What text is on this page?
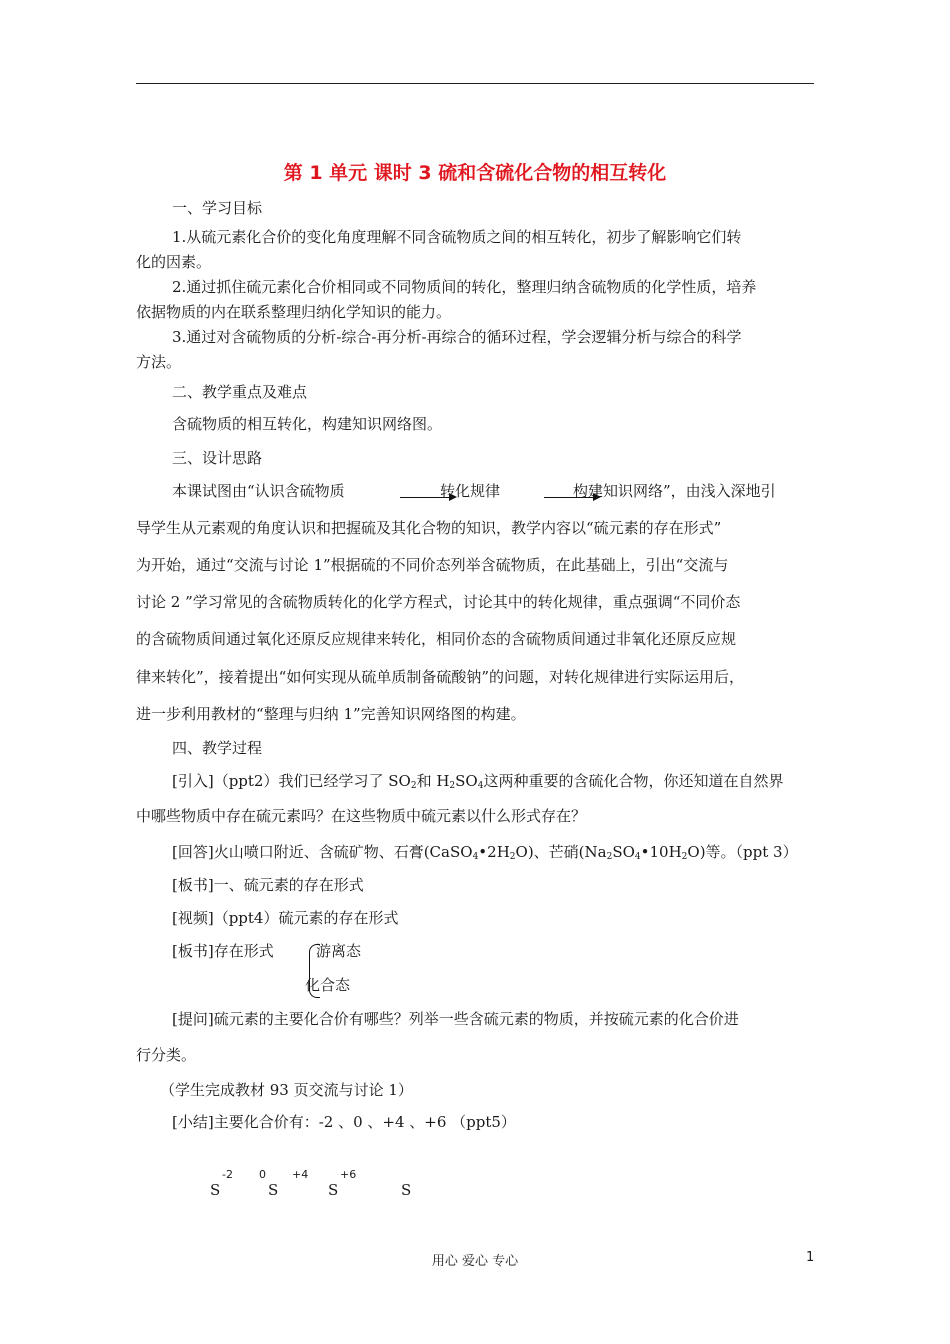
第 1 单元 课时 3 硫和含硫化合物的相互转化
一、学习目标
1.从硫元素化合价的变化角度理解不同含硫物质之间的相互转化，初步了解影响它们转
化的因素。
2.通过抓住硫元素化合价相同或不同物质间的转化，整理归纳含硫物质的化学性质，培养
依据物质的内在联系整理归纳化学知识的能力。
3.通过对含硫物质的分析-综合-再分析-再综合的循环过程，学会逻辑分析与综合的科学
方法。
二、教学重点及难点
含硫物质的相互转化，构建知识网络图。
三、设计思路
本课试图由“认识含硫物质	转化规律	构建知识网络”，由浅入深地引
导学生从元素观的角度认识和把握硫及其化合物的知识，教学内容以“硫元素的存在形式”
为开始，通过“交流与讨论 1”根据硫的不同价态列举含硫物质，在此基础上，引出“交流与
讨论 2 ”学习常见的含硫物质转化的化学方程式，讨论其中的转化规律，重点强调“不同价态
的含硫物质间通过氧化还原反应规律来转化，相同价态的含硫物质间通过非氧化还原反应规
律来转化”，接着提出“如何实现从硫单质制备硫酸钠”的问题，对转化规律进行实际运用后，
进一步利用教材的“整理与归纳 1”完善知识网络图的构建。
四、教学过程
[引入]（ppt2）我们已经学习了 $SO_2$和 $H_2SO_4$这两种重要的含硫化合物，你还知道在自然界
中哪些物质中存在硫元素吗？在这些物质中硫元素以什么形式存在？
[回答]火山喷口附近、含硫矿物、石膏$(CaSO_4•2H_2O)$、芒硝$(Na_2SO_4•10H_2O)$等。（ppt 3）
[板书]一、硫元素的存在形式
[视频]（ppt4）硫元素的存在形式
[板书]存在形式	游离态
化合态
[提问]硫元素的主要化合价有哪些？列举一些含硫元素的物质，并按硫元素的化合价进
行分类。
（学生完成教材 93 页交流与讨论 1）
[小结]主要化合价有：-2 、0 、+4 、+6 （ppt5）
-2
S
0
S
+4
S
+6
S
用心 爱心 专心	1
